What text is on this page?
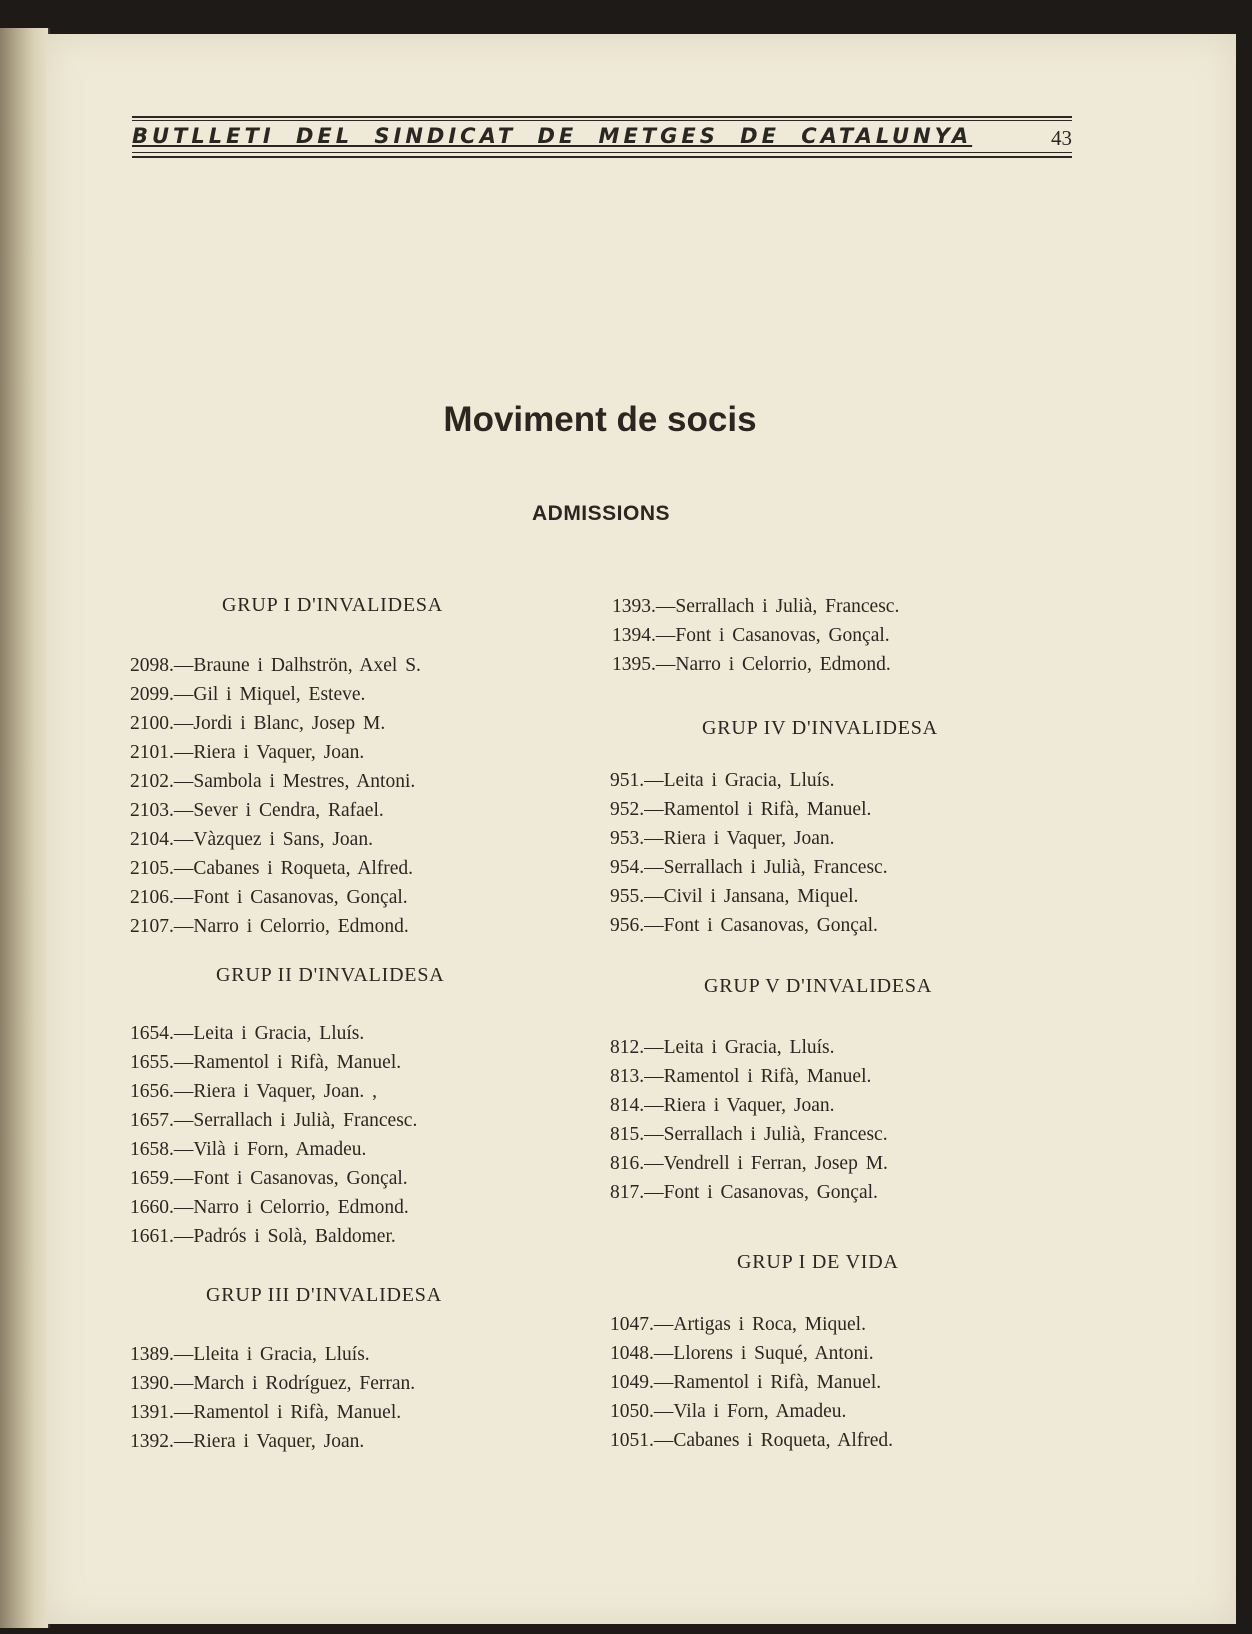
BUTLLETI DEL SINDICAT DE METGES DE CATALUNYA	43
Moviment de socis
ADMISSIONS
GRUP I D'INVALIDESA
2098.—Braune i Dalhströn, Axel S.
2099.—Gil i Miquel, Esteve.
2100.—Jordi i Blanc, Josep M.
2101.—Riera i Vaquer, Joan.
2102.—Sambola i Mestres, Antoni.
2103.—Sever i Cendra, Rafael.
2104.—Vàzquez i Sans, Joan.
2105.—Cabanes i Roqueta, Alfred.
2106.—Font i Casanovas, Gonçal.
2107.—Narro i Celorrio, Edmond.
GRUP II D'INVALIDESA
1654.—Leita i Gracia, Lluís.
1655.—Ramentol i Rifà, Manuel.
1656.—Riera i Vaquer, Joan. ,
1657.—Serrallach i Julià, Francesc.
1658.—Vilà i Forn, Amadeu.
1659.—Font i Casanovas, Gonçal.
1660.—Narro i Celorrio, Edmond.
1661.—Padrós i Solà, Baldomer.
GRUP III D'INVALIDESA
1389.—Lleita i Gracia, Lluís.
1390.—March i Rodríguez, Ferran.
1391.—Ramentol i Rifà, Manuel.
1392.—Riera i Vaquer, Joan.
1393.—Serrallach i Julià, Francesc.
1394.—Font i Casanovas, Gonçal.
1395.—Narro i Celorrio, Edmond.
GRUP IV D'INVALIDESA
951.—Leita i Gracia, Lluís.
952.—Ramentol i Rifà, Manuel.
953.—Riera i Vaquer, Joan.
954.—Serrallach i Julià, Francesc.
955.—Civil i Jansana, Miquel.
956.—Font i Casanovas, Gonçal.
GRUP V D'INVALIDESA
812.—Leita i Gracia, Lluís.
813.—Ramentol i Rifà, Manuel.
814.—Riera i Vaquer, Joan.
815.—Serrallach i Julià, Francesc.
816.—Vendrell i Ferran, Josep M.
817.—Font i Casanovas, Gonçal.
GRUP I DE VIDA
1047.—Artigas i Roca, Miquel.
1048.—Llorens i Suqué, Antoni.
1049.—Ramentol i Rifà, Manuel.
1050.—Vila i Forn, Amadeu.
1051.—Cabanes i Roqueta, Alfred.
